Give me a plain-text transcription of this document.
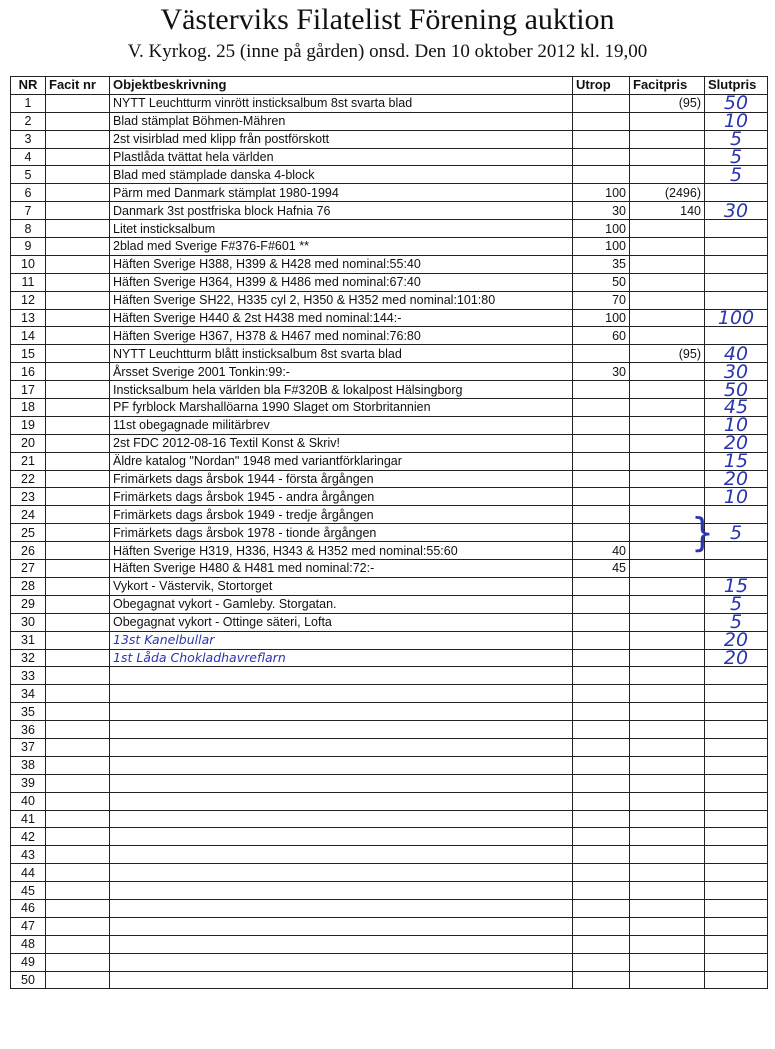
Västerviks Filatelist Förening auktion
V. Kyrkog. 25 (inne på gården) onsd. Den 10 oktober 2012 kl. 19,00
NR	Facit nr	Objektbeskrivning	Utrop	Facitpris	Slutpris
1		NYTT Leuchtturm vinrött insticksalbum 8st svarta blad		(95)	50
2		Blad stämplat Böhmen-Mähren			10
3		2st visirblad med klipp från postförskott			5
4		Plastlåda tvättat hela världen			5
5		Blad med stämplade danska 4-block			5
6		Pärm med Danmark stämplat 1980-1994	100	(2496)	
7		Danmark 3st postfriska block Hafnia 76	30	140	30
8		Litet insticksalbum	100		
9		2blad med Sverige F#376-F#601 **	100		
10		Häften Sverige H388, H399 & H428 med nominal:55:40	35		
11		Häften Sverige H364, H399 & H486 med nominal:67:40	50		
12		Häften Sverige SH22, H335 cyl 2, H350 & H352 med nominal:101:80	70		
13		Häften Sverige H440 & 2st H438 med nominal:144:-	100		100
14		Häften Sverige H367, H378 & H467 med nominal:76:80	60		
15		NYTT Leuchtturm blått insticksalbum 8st svarta blad		(95)	40
16		Årsset Sverige 2001 Tonkin:99:-	30		30
17		Insticksalbum hela världen bla F#320B & lokalpost Hälsingborg			50
18		PF fyrblock Marshallöarna 1990 Slaget om Storbritannien			45
19		11st obegagnade militärbrev			10
20		2st FDC 2012-08-16 Textil Konst & Skriv!			20
21		Äldre katalog "Nordan" 1948 med variantförklaringar			15
22		Frimärkets dags årsbok 1944 - första årgången			20
23		Frimärkets dags årsbok 1945 - andra årgången			10
24		Frimärkets dags årsbok 1949 - tredje årgången			
25		Frimärkets dags årsbok 1978 - tionde årgången			5
26		Häften Sverige H319, H336, H343 & H352 med nominal:55:60	40		
27		Häften Sverige H480 & H481 med nominal:72:-	45		
28		Vykort - Västervik, Stortorget			15
29		Obegagnat vykort - Gamleby. Storgatan.			5
30		Obegagnat vykort - Ottinge säteri, Lofta			5
31		13st Kanelbullar			20
32		1st Låda Chokladhavreflarn			20
33					
34					
35					
36					
37					
38					
39					
40					
41					
42					
43					
44					
45					
46					
47					
48					
49					
50					
}
